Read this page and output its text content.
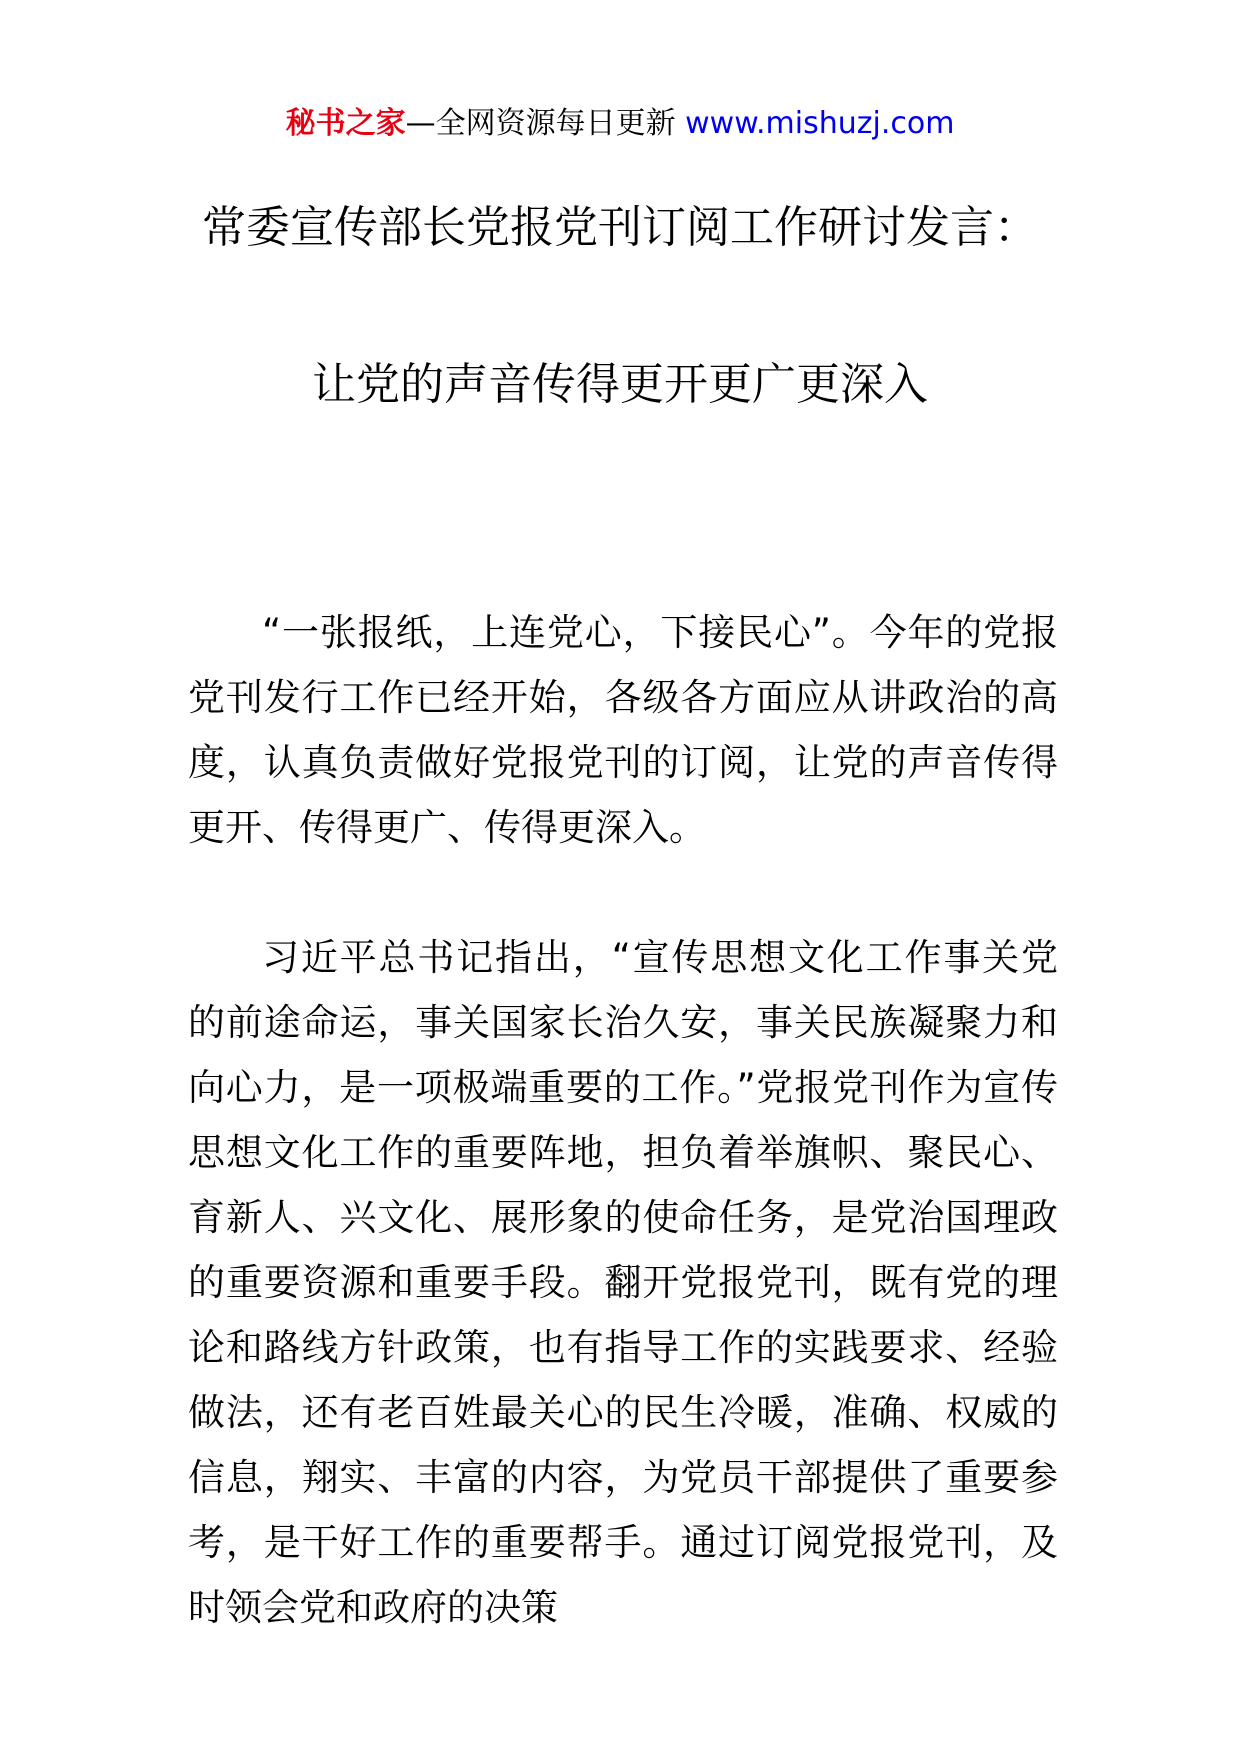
秘书之家—全网资源每日更新 www.mishuzj.com
常委宣传部长党报党刊订阅工作研讨发言：
让党的声音传得更开更广更深入

“一张报纸，上连党心，下接民心”。今年的党报党刊发行工作已经开始，各级各方面应从讲政治的高度，认真负责做好党报党刊的订阅，让党的声音传得更开、传得更广、传得更深入。

习近平总书记指出，“宣传思想文化工作事关党的前途命运，事关国家长治久安，事关民族凝聚力和向心力，是一项极端重要的工作。”党报党刊作为宣传思想文化工作的重要阵地，担负着举旗帜、聚民心、育新人、兴文化、展形象的使命任务，是党治国理政的重要资源和重要手段。翻开党报党刊，既有党的理论和路线方针政策，也有指导工作的实践要求、经验做法，还有老百姓最关心的民生冷暖，准确、权威的信息，翔实、丰富的内容，为党员干部提供了重要参考，是干好工作的重要帮手。通过订阅党报党刊，及时领会党和政府的决策
